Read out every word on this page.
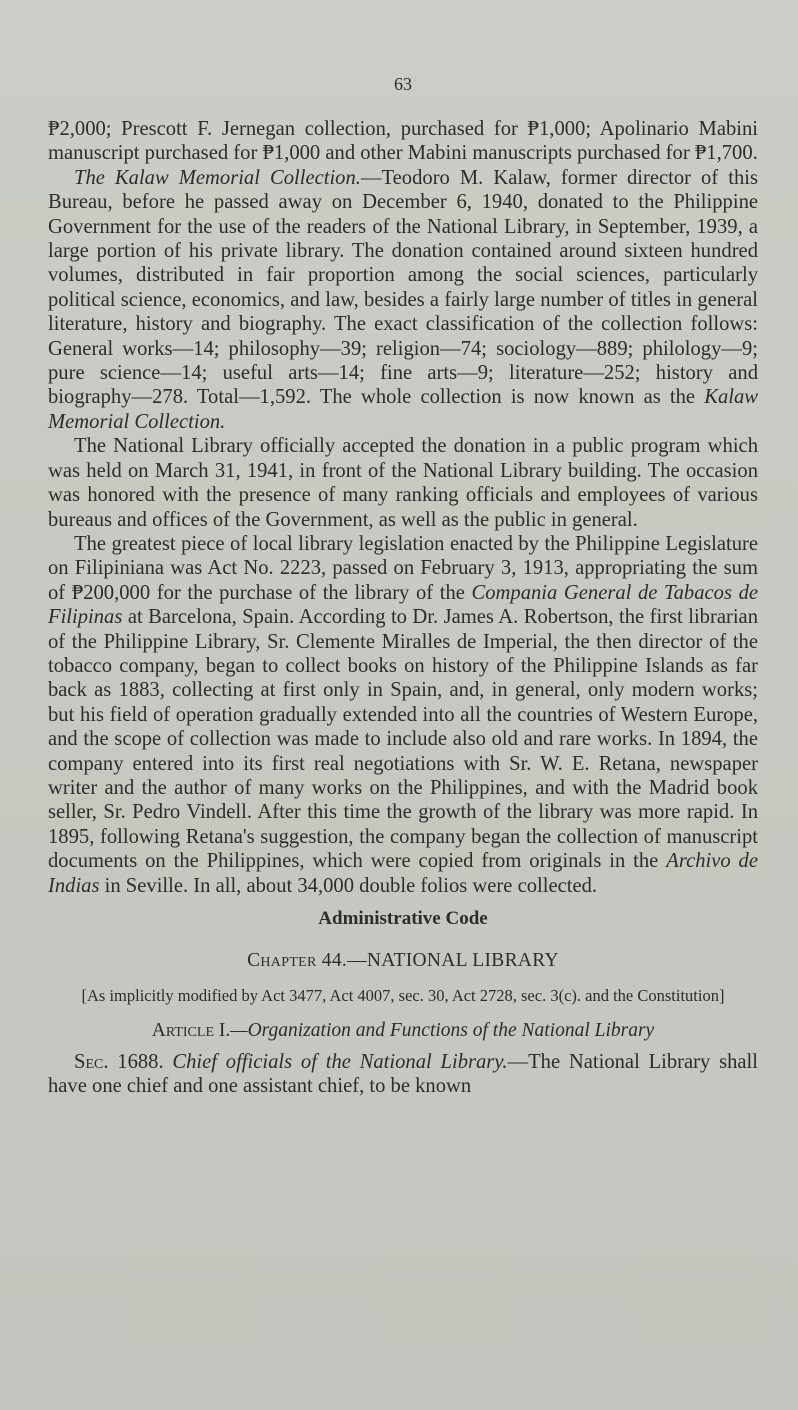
63

₱2,000; Prescott F. Jernegan collection, purchased for ₱1,000; Apolinario Mabini manuscript purchased for ₱1,000 and other Mabini manuscripts purchased for ₱1,700.

The Kalaw Memorial Collection.—Teodoro M. Kalaw, former director of this Bureau, before he passed away on December 6, 1940, donated to the Philippine Government for the use of the readers of the National Library, in September, 1939, a large portion of his private library. The donation contained around sixteen hundred volumes, distributed in fair proportion among the social sciences, particularly political science, economics, and law, besides a fairly large number of titles in general literature, history and biography. The exact classification of the collection follows: General works—14; philosophy—39; religion—74; sociology—889; philology—9; pure science—14; useful arts—14; fine arts—9; literature—252; history and biography—278. Total—1,592. The whole collection is now known as the Kalaw Memorial Collection.

The National Library officially accepted the donation in a public program which was held on March 31, 1941, in front of the National Library building. The occasion was honored with the presence of many ranking officials and employees of various bureaus and offices of the Government, as well as the public in general.

The greatest piece of local library legislation enacted by the Philippine Legislature on Filipiniana was Act No. 2223, passed on February 3, 1913, appropriating the sum of ₱200,000 for the purchase of the library of the Compania General de Tabacos de Filipinas at Barcelona, Spain. According to Dr. James A. Robertson, the first librarian of the Philippine Library, Sr. Clemente Miralles de Imperial, the then director of the tobacco company, began to collect books on history of the Philippine Islands as far back as 1883, collecting at first only in Spain, and, in general, only modern works; but his field of operation gradually extended into all the countries of Western Europe, and the scope of collection was made to include also old and rare works. In 1894, the company entered into its first real negotiations with Sr. W. E. Retana, newspaper writer and the author of many works on the Philippines, and with the Madrid book seller, Sr. Pedro Vindell. After this time the growth of the library was more rapid. In 1895, following Retana's suggestion, the company began the collection of manuscript documents on the Philippines, which were copied from originals in the Archivo de Indias in Seville. In all, about 34,000 double folios were collected.

Administrative Code
Chapter 44.—NATIONAL LIBRARY
[As implicitly modified by Act 3477, Act 4007, sec. 30, Act 2728, sec. 3(c). and the Constitution]
Article I.—Organization and Functions of the National Library

Sec. 1688. Chief officials of the National Library.—The National Library shall have one chief and one assistant chief, to be known
